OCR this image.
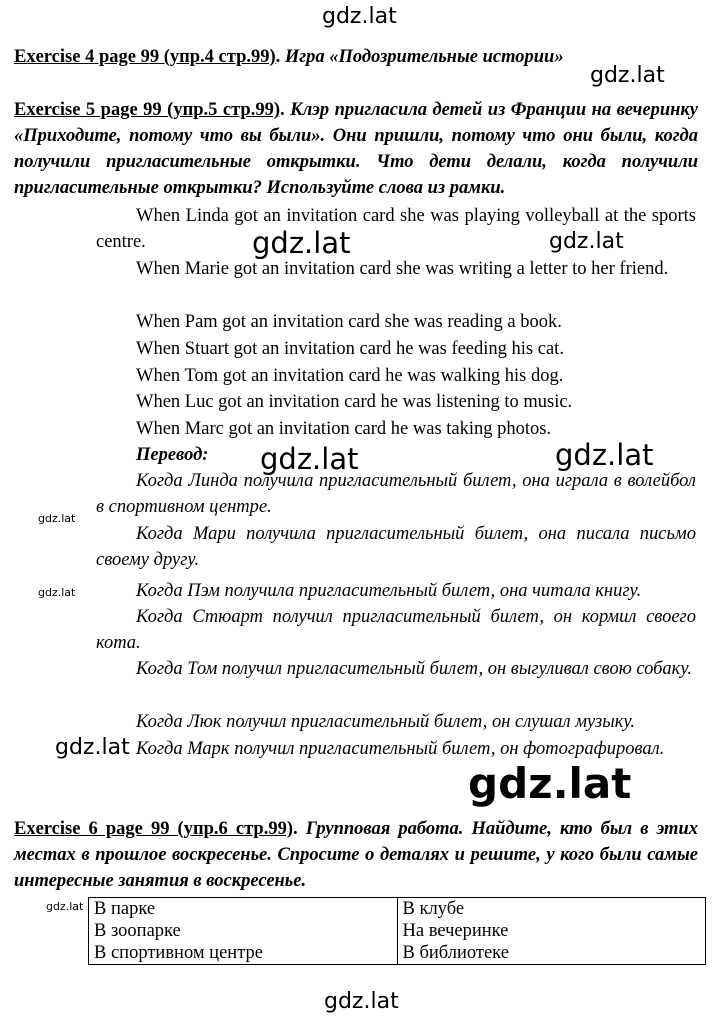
gdz.lat
gdz.lat
gdz.lat	gdz.lat
gdz.lat	gdz.lat
gdz.lat
gdz.lat
gdz.lat
gdz.lat
gdz.lat
gdz.lat
Exercise 4 page 99 (упр.4 стр.99). Игра «Подозрительные истории»
Exercise 5 page 99 (упр.5 стр.99). Клэр пригласила детей из Франции на вечеринку «Приходите, потому что вы были». Они пришли, потому что они были, когда получили пригласительные открытки. Что дети делали, когда получили пригласительные открытки? Используйте слова из рамки.
When Linda got an invitation card she was playing volleyball at the sports centre.
When Marie got an invitation card she was writing a letter to her friend.
When Pam got an invitation card she was reading a book.
When Stuart got an invitation card he was feeding his cat.
When Tom got an invitation card he was walking his dog.
When Luc got an invitation card he was listening to music.
When Marc got an invitation card he was taking photos.
Перевод:
Когда Линда получила пригласительный билет, она играла в волейбол в спортивном центре.
Когда Мари получила пригласительный билет, она писала письмо своему другу.
Когда Пэм получила пригласительный билет, она читала книгу.
Когда Стюарт получил пригласительный билет, он кормил своего кота.
Когда Том получил пригласительный билет, он выгуливал свою собаку.
Когда Люк получил пригласительный билет, он слушал музыку.
Когда Марк получил пригласительный билет, он фотографировал.
Exercise 6 page 99 (упр.6 стр.99). Групповая работа. Найдите, кто был в этих местах в прошлое воскресенье. Спросите о деталях и решите, у кого были самые интересные занятия в воскресенье.
В парке	В клубе
В зоопарке	На вечеринке
В спортивном центре	В библиотеке
